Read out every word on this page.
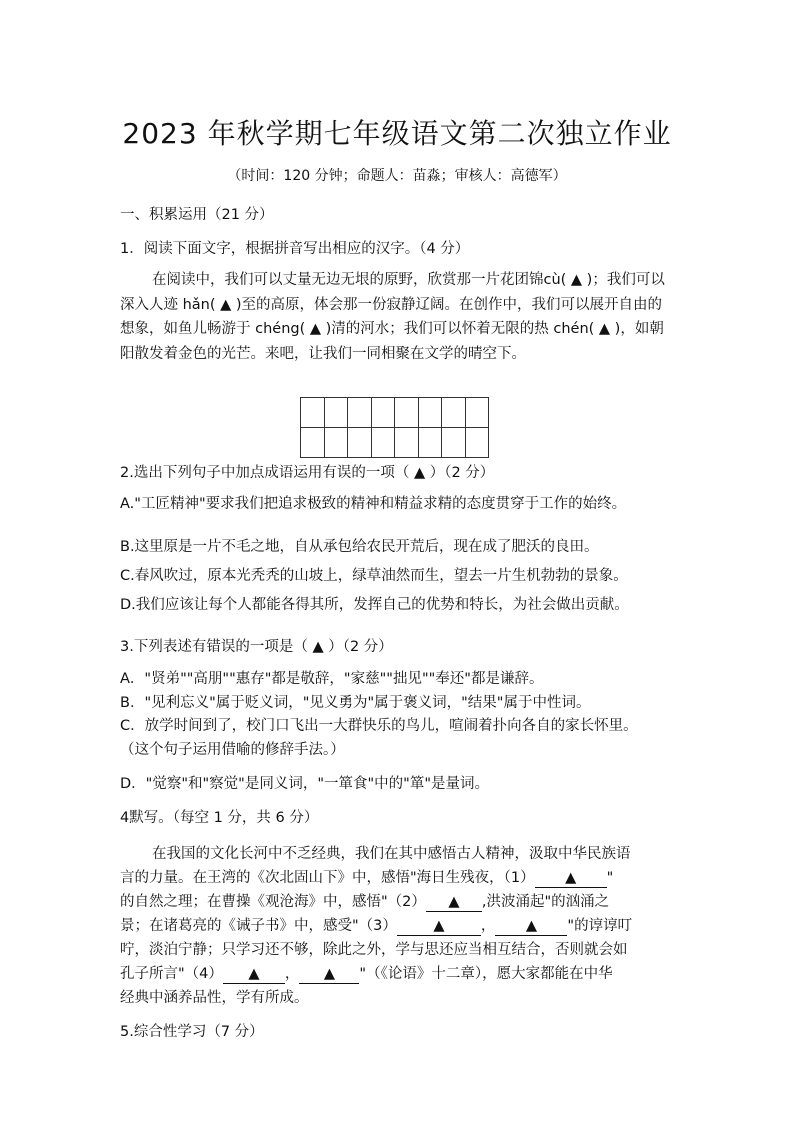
2023 年秋学期七年级语文第二次独立作业
（时间：120 分钟；命题人：苗淼；审核人：高德军）
一、积累运用（21 分）
1．阅读下面文字，根据拼音写出相应的汉字。（4 分）
在阅读中，我们可以丈量无边无垠的原野，欣赏那一片花团锦cù( ▲ )；我们可以深入人迹 hǎn( ▲ )至的高原，体会那一份寂静辽阔。在创作中，我们可以展开自由的想象，如鱼儿畅游于 chéng( ▲ )清的河水；我们可以怀着无限的热 chén( ▲ )，如朝阳散发着金色的光芒。来吧，让我们一同相聚在文学的晴空下。

2.选出下列句子中加点成语运用有误的一项（ ▲ ）（2 分）
A."工匠精神"要求我们把追求极致的精神和精益求精的态度贯穿于工作的始终。
B.这里原是一片不毛之地，自从承包给农民开荒后，现在成了肥沃的良田。
C.春风吹过，原本光秃秃的山坡上，绿草油然而生，望去一片生机勃勃的景象。
D.我们应该让每个人都能各得其所，发挥自己的优势和特长，为社会做出贡献。
3.下列表述有错误的一项是（ ▲ ）（2 分）
A．"贤弟""高朋""惠存"都是敬辞，"家慈""拙见""奉还"都是谦辞。
B．"见利忘义"属于贬义词，"见义勇为"属于褒义词，"结果"属于中性词。
C．放学时间到了，校门口飞出一大群快乐的鸟儿，喧闹着扑向各自的家长怀里。
（这个句子运用借喻的修辞手法。）
D．"觉察"和"察觉"是同义词，"一箪食"中的"箪"是量词。
4默写。（每空 1 分，共 6 分）
在我国的文化长河中不乏经典，我们在其中感悟古人精神，汲取中华民族语
言的力量。在王湾的《次北固山下》中，感悟"海日生残夜，（1） ▲ "
的自然之理；在曹操《观沧海》中，感悟"（2） ▲ ,洪波涌起"的汹涌之
景；在诸葛亮的《诫子书》中，感受"（3）	▲	， ▲ "的谆谆叮
咛，淡泊宁静；只学习还不够，除此之外，学与思还应当相互结合，否则就会如
孔子所言"（4） ▲ ， ▲ "（《论语》十二章），愿大家都能在中华
经典中涵养品性，学有所成。
5.综合性学习（7 分）
